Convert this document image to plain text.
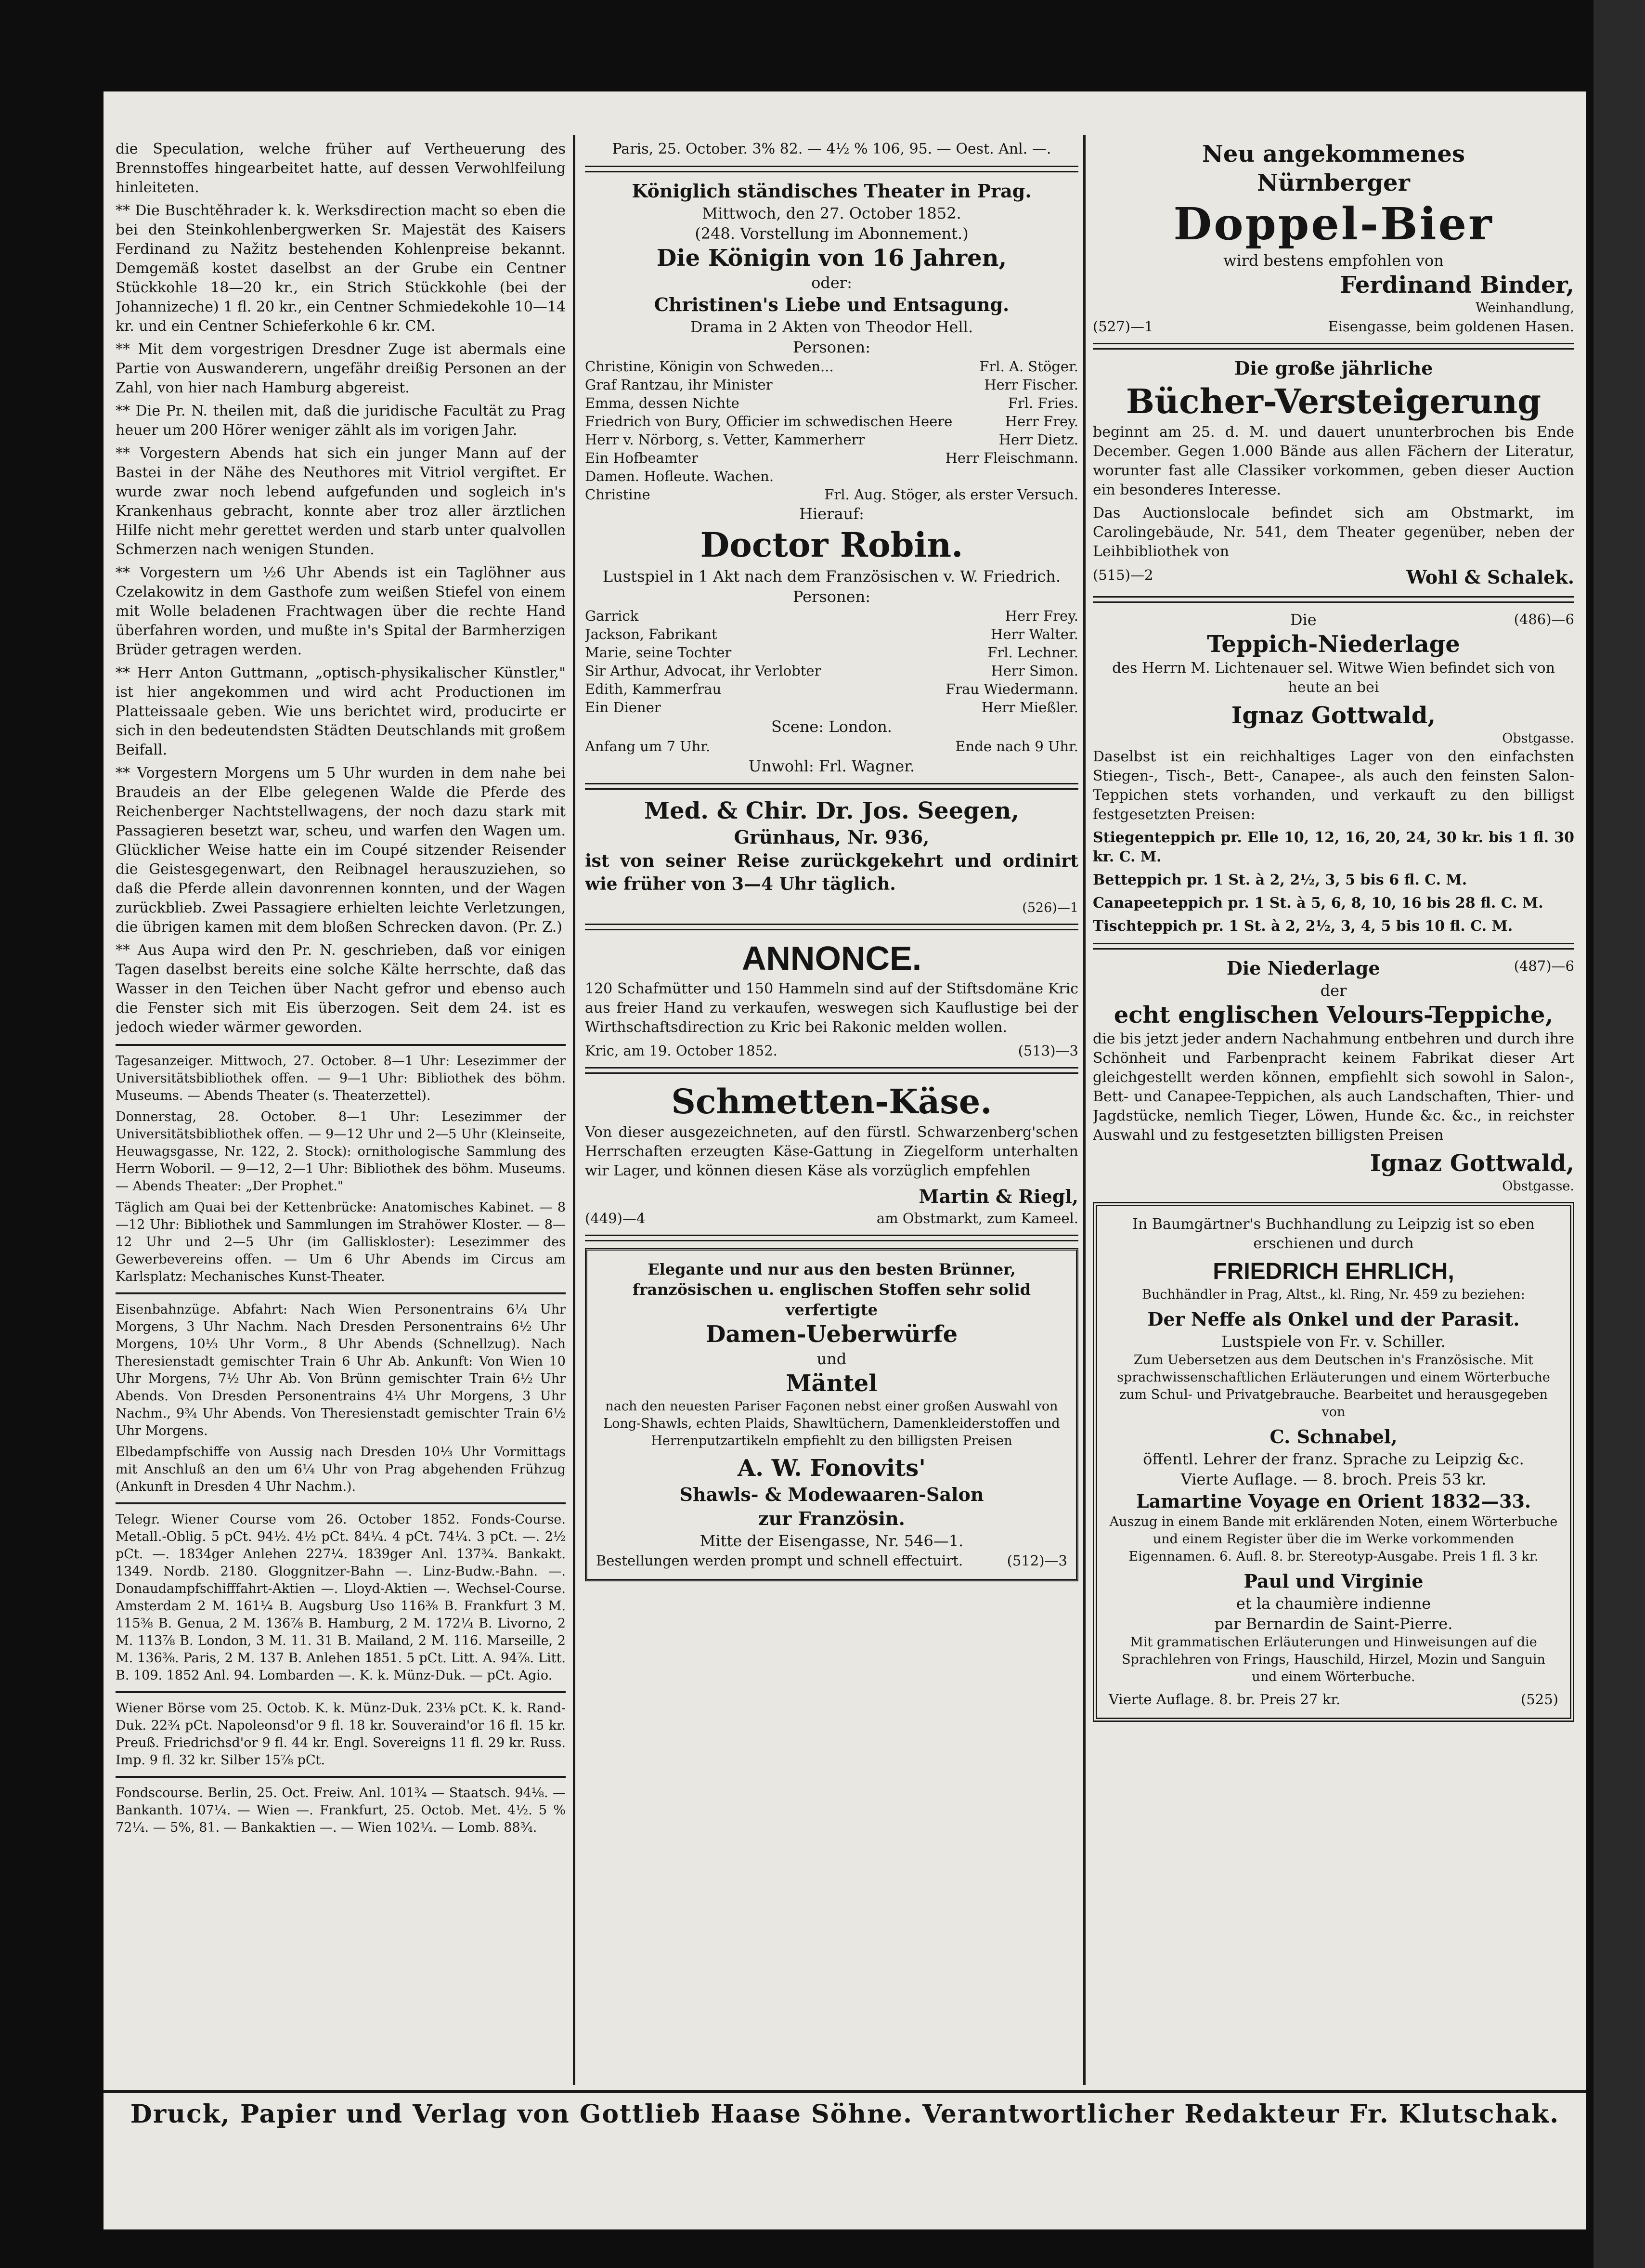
die Speculation, welche früher auf Vertheuerung des Brennstoffes hingearbeitet hatte, auf dessen Verwohlfeilung hinleiteten.

** Die Buschtěhrader k. k. Werksdirection macht so eben die bei den Steinkohlenbergwerken Sr. Majestät des Kaisers Ferdinand zu Nažitz bestehenden Kohlenpreise bekannt. Demgemäß kostet daselbst an der Grube ein Centner Stückkohle 18—20 kr., ein Strich Stückkohle (bei der Johannizeche) 1 fl. 20 kr., ein Centner Schmiedekohle 10—14 kr. und ein Centner Schieferkohle 6 kr. CM.

** Mit dem vorgestrigen Dresdner Zuge ist abermals eine Partie von Auswanderern, ungefähr dreißig Personen an der Zahl, von hier nach Hamburg abgereist.

** Die Pr. N. theilen mit, daß die juridische Facultät zu Prag heuer um 200 Hörer weniger zählt als im vorigen Jahr.

** Vorgestern Abends hat sich ein junger Mann auf der Bastei in der Nähe des Neuthores mit Vitriol vergiftet. Er wurde zwar noch lebend aufgefunden und sogleich in's Krankenhaus gebracht, konnte aber troz aller ärztlichen Hilfe nicht mehr gerettet werden und starb unter qualvollen Schmerzen nach wenigen Stunden.

** Vorgestern um ½6 Uhr Abends ist ein Taglöhner aus Czelakowitz in dem Gasthofe zum weißen Stiefel von einem mit Wolle beladenen Frachtwagen über die rechte Hand überfahren worden, und mußte in's Spital der Barmherzigen Brüder getragen werden.

** Herr Anton Guttmann, „optisch-physikalischer Künstler," ist hier angekommen und wird acht Productionen im Platteissaale geben. Wie uns berichtet wird, producirte er sich in den bedeutendsten Städten Deutschlands mit großem Beifall.

** Vorgestern Morgens um 5 Uhr wurden in dem nahe bei Braudeis an der Elbe gelegenen Walde die Pferde des Reichenberger Nachtstellwagens, der noch dazu stark mit Passagieren besetzt war, scheu, und warfen den Wagen um. Glücklicher Weise hatte ein im Coupé sitzender Reisender die Geistesgegenwart, den Reibnagel herauszuziehen, so daß die Pferde allein davonrennen konnten, und der Wagen zurückblieb. Zwei Passagiere erhielten leichte Verletzungen, die übrigen kamen mit dem bloßen Schrecken davon. (Pr. Z.)

** Aus Aupa wird den Pr. N. geschrieben, daß vor einigen Tagen daselbst bereits eine solche Kälte herrschte, daß das Wasser in den Teichen über Nacht gefror und ebenso auch die Fenster sich mit Eis überzogen. Seit dem 24. ist es jedoch wieder wärmer geworden.

Tagesanzeiger. Mittwoch, 27. October. 8—1 Uhr: Lesezimmer der Universitätsbibliothek offen. — 9—1 Uhr: Bibliothek des böhm. Museums. — Abends Theater (s. Theaterzettel).

Donnerstag, 28. October. 8—1 Uhr: Lesezimmer der Universitätsbibliothek offen. — 9—12 Uhr und 2—5 Uhr (Kleinseite, Heuwagsgasse, Nr. 122, 2. Stock): ornithologische Sammlung des Herrn Woboril. — 9—12, 2—1 Uhr: Bibliothek des böhm. Museums. — Abends Theater: „Der Prophet."

Täglich am Quai bei der Kettenbrücke: Anatomisches Kabinet. — 8—12 Uhr: Bibliothek und Sammlungen im Strahöwer Kloster. — 8—12 Uhr und 2—5 Uhr (im Galliskloster): Lesezimmer des Gewerbevereins offen. — Um 6 Uhr Abends im Circus am Karlsplatz: Mechanisches Kunst-Theater.

Eisenbahnzüge. Abfahrt: Nach Wien Personentrains 6¼ Uhr Morgens, 3 Uhr Nachm. Nach Dresden Personentrains 6½ Uhr Morgens, 10⅓ Uhr Vorm., 8 Uhr Abends (Schnellzug). Nach Theresienstadt gemischter Train 6 Uhr Ab. Ankunft: Von Wien 10 Uhr Morgens, 7½ Uhr Ab. Von Brünn gemischter Train 6½ Uhr Abends. Von Dresden Personentrains 4⅓ Uhr Morgens, 3 Uhr Nachm., 9¾ Uhr Abends. Von Theresienstadt gemischter Train 6½ Uhr Morgens.

Elbedampfschiffe von Aussig nach Dresden 10⅓ Uhr Vormittags mit Anschluß an den um 6¼ Uhr von Prag abgehenden Frühzug (Ankunft in Dresden 4 Uhr Nachm.).

Telegr. Wiener Course vom 26. October 1852. Fonds-Course. Metall.-Oblig. 5 pCt. 94½. 4½ pCt. 84¼. 4 pCt. 74¼. 3 pCt. —. 2½ pCt. —. 1834ger Anlehen 227¼. 1839ger Anl. 137¾. Bankakt. 1349. Nordb. 2180. Gloggnitzer-Bahn —. Linz-Budw.-Bahn. —. Donaudampfschifffahrt-Aktien —. Lloyd-Aktien —. Wechsel-Course. Amsterdam 2 M. 161¼ B. Augsburg Uso 116⅜ B. Frankfurt 3 M. 115⅜ B. Genua, 2 M. 136⅞ B. Hamburg, 2 M. 172¼ B. Livorno, 2 M. 113⅞ B. London, 3 M. 11. 31 B. Mailand, 2 M. 116. Marseille, 2 M. 136⅜. Paris, 2 M. 137 B. Anlehen 1851. 5 pCt. Litt. A. 94⅞. Litt. B. 109. 1852 Anl. 94. Lombarden —. K. k. Münz-Duk. — pCt. Agio.

Wiener Börse vom 25. Octob. K. k. Münz-Duk. 23⅛ pCt. K. k. Rand-Duk. 22¾ pCt. Napoleonsd'or 9 fl. 18 kr. Souveraind'or 16 fl. 15 kr. Preuß. Friedrichsd'or 9 fl. 44 kr. Engl. Sovereigns 11 fl. 29 kr. Russ. Imp. 9 fl. 32 kr. Silber 15⅞ pCt.

Fondscourse. Berlin, 25. Oct. Freiw. Anl. 101¾ — Staatsch. 94⅛. — Bankanth. 107¼. — Wien —. Frankfurt, 25. Octob. Met. 4½. 5 % 72¼. — 5%, 81. — Bankaktien —. — Wien 102¼. — Lomb. 88¾.

Paris, 25. October. 3% 82. — 4½ % 106, 95. — Oest. Anl. —.

Königlich ständisches Theater in Prag.
Mittwoch, den 27. October 1852.
(248. Vorstellung im Abonnement.)
Die Königin von 16 Jahren,
oder:
Christinen's Liebe und Entsagung.
Drama in 2 Akten von Theodor Hell.
Personen:
Christine, Königin von Schweden...	Frl. A. Stöger.
Graf Rantzau, ihr Minister	Herr Fischer.
Emma, dessen Nichte	Frl. Fries.
Friedrich von Bury, Officier im schwedischen Heere	Herr Frey.
Herr v. Nörborg, s. Vetter, Kammerherr	Herr Dietz.
Ein Hofbeamter	Herr Fleischmann.
Damen. Hofleute. Wachen.
Christine	Frl. Aug. Stöger, als erster Versuch.
Hierauf:
Doctor Robin.
Lustspiel in 1 Akt nach dem Französischen v. W. Friedrich.
Personen:
Garrick	Herr Frey.
Jackson, Fabrikant	Herr Walter.
Marie, seine Tochter	Frl. Lechner.
Sir Arthur, Advocat, ihr Verlobter	Herr Simon.
Edith, Kammerfrau	Frau Wiedermann.
Ein Diener	Herr Mießler.
Scene: London.
Anfang um 7 Uhr.	Ende nach 9 Uhr.
Unwohl: Frl. Wagner.
Med. & Chir. Dr. Jos. Seegen,
Grünhaus, Nr. 936,

ist von seiner Reise zurückgekehrt und ordinirt wie früher von 3—4 Uhr täglich.

(526)—1
ANNONCE.

120 Schafmütter und 150 Hammeln sind auf der Stiftsdomäne Kric aus freier Hand zu verkaufen, weswegen sich Kauflustige bei der Wirthschaftsdirection zu Kric bei Rakonic melden wollen.

Kric, am 19. October 1852.	(513)—3
Schmetten-Käse.

Von dieser ausgezeichneten, auf den fürstl. Schwarzenberg'schen Herrschaften erzeugten Käse-Gattung in Ziegelform unterhalten wir Lager, und können diesen Käse als vorzüglich empfehlen

Martin & Riegl,
(449)—4	am Obstmarkt, zum Kameel.
Elegante und nur aus den besten Brünner, französischen u. englischen Stoffen sehr solid verfertigte
Damen-Ueberwürfe
und
Mäntel

nach den neuesten Pariser Façonen nebst einer großen Auswahl von Long-Shawls, echten Plaids, Shawltüchern, Damenkleiderstoffen und Herrenputzartikeln empfiehlt zu den billigsten Preisen

A. W. Fonovits'
Shawls- & Modewaaren-Salon
zur Französin.
Mitte der Eisengasse, Nr. 546—1.
Bestellungen werden prompt und schnell effectuirt.	(512)—3
Neu angekommenes
Nürnberger
Doppel-Bier
wird bestens empfohlen von
Ferdinand Binder,
Weinhandlung,
(527)—1	Eisengasse, beim goldenen Hasen.
Die große jährliche
Bücher-Versteigerung

beginnt am 25. d. M. und dauert ununterbrochen bis Ende December. Gegen 1.000 Bände aus allen Fächern der Literatur, worunter fast alle Classiker vorkommen, geben dieser Auction ein besonderes Interesse.

Das Auctionslocale befindet sich am Obstmarkt, im Carolingebäude, Nr. 541, dem Theater gegenüber, neben der Leihbibliothek von

(515)—2	Wohl & Schalek.
Die	(486)—6
Teppich-Niederlage

des Herrn M. Lichtenauer sel. Witwe Wien befindet sich von heute an bei

Ignaz Gottwald,
Obstgasse.

Daselbst ist ein reichhaltiges Lager von den einfachsten Stiegen-, Tisch-, Bett-, Canapee-, als auch den feinsten Salon-Teppichen stets vorhanden, und verkauft zu den billigst festgesetzten Preisen:

Stiegenteppich pr. Elle 10, 12, 16, 20, 24, 30 kr. bis 1 fl. 30 kr. C. M.

Betteppich pr. 1 St. à 2, 2½, 3, 5 bis 6 fl. C. M.

Canapeeteppich pr. 1 St. à 5, 6, 8, 10, 16 bis 28 fl. C. M.

Tischteppich pr. 1 St. à 2, 2½, 3, 4, 5 bis 10 fl. C. M.

Die Niederlage	(487)—6
der
echt englischen Velours-Teppiche,

die bis jetzt jeder andern Nachahmung entbehren und durch ihre Schönheit und Farbenpracht keinem Fabrikat dieser Art gleichgestellt werden können, empfiehlt sich sowohl in Salon-, Bett- und Canapee-Teppichen, als auch Landschaften, Thier- und Jagdstücke, nemlich Tieger, Löwen, Hunde &c. &c., in reichster Auswahl und zu festgesetzten billigsten Preisen

Ignaz Gottwald,
Obstgasse.

In Baumgärtner's Buchhandlung zu Leipzig ist so eben erschienen und durch

FRIEDRICH EHRLICH,

Buchhändler in Prag, Altst., kl. Ring, Nr. 459 zu beziehen:

Der Neffe als Onkel und der Parasit.
Lustspiele von Fr. v. Schiller.

Zum Uebersetzen aus dem Deutschen in's Französische. Mit sprachwissenschaftlichen Erläuterungen und einem Wörterbuche zum Schul- und Privatgebrauche. Bearbeitet und herausgegeben von

C. Schnabel,
öffentl. Lehrer der franz. Sprache zu Leipzig &c.
Vierte Auflage. — 8. broch. Preis 53 kr.
Lamartine Voyage en Orient 1832—33.

Auszug in einem Bande mit erklärenden Noten, einem Wörterbuche und einem Register über die im Werke vorkommenden Eigennamen. 6. Aufl. 8. br. Stereotyp-Ausgabe. Preis 1 fl. 3 kr.

Paul und Virginie
et la chaumière indienne
par Bernardin de Saint-Pierre.

Mit grammatischen Erläuterungen und Hinweisungen auf die Sprachlehren von Frings, Hauschild, Hirzel, Mozin und Sanguin und einem Wörterbuche.

Vierte Auflage. 8. br. Preis 27 kr.	(525)
Druck, Papier und Verlag von Gottlieb Haase Söhne. Verantwortlicher Redakteur Fr. Klutschak.
